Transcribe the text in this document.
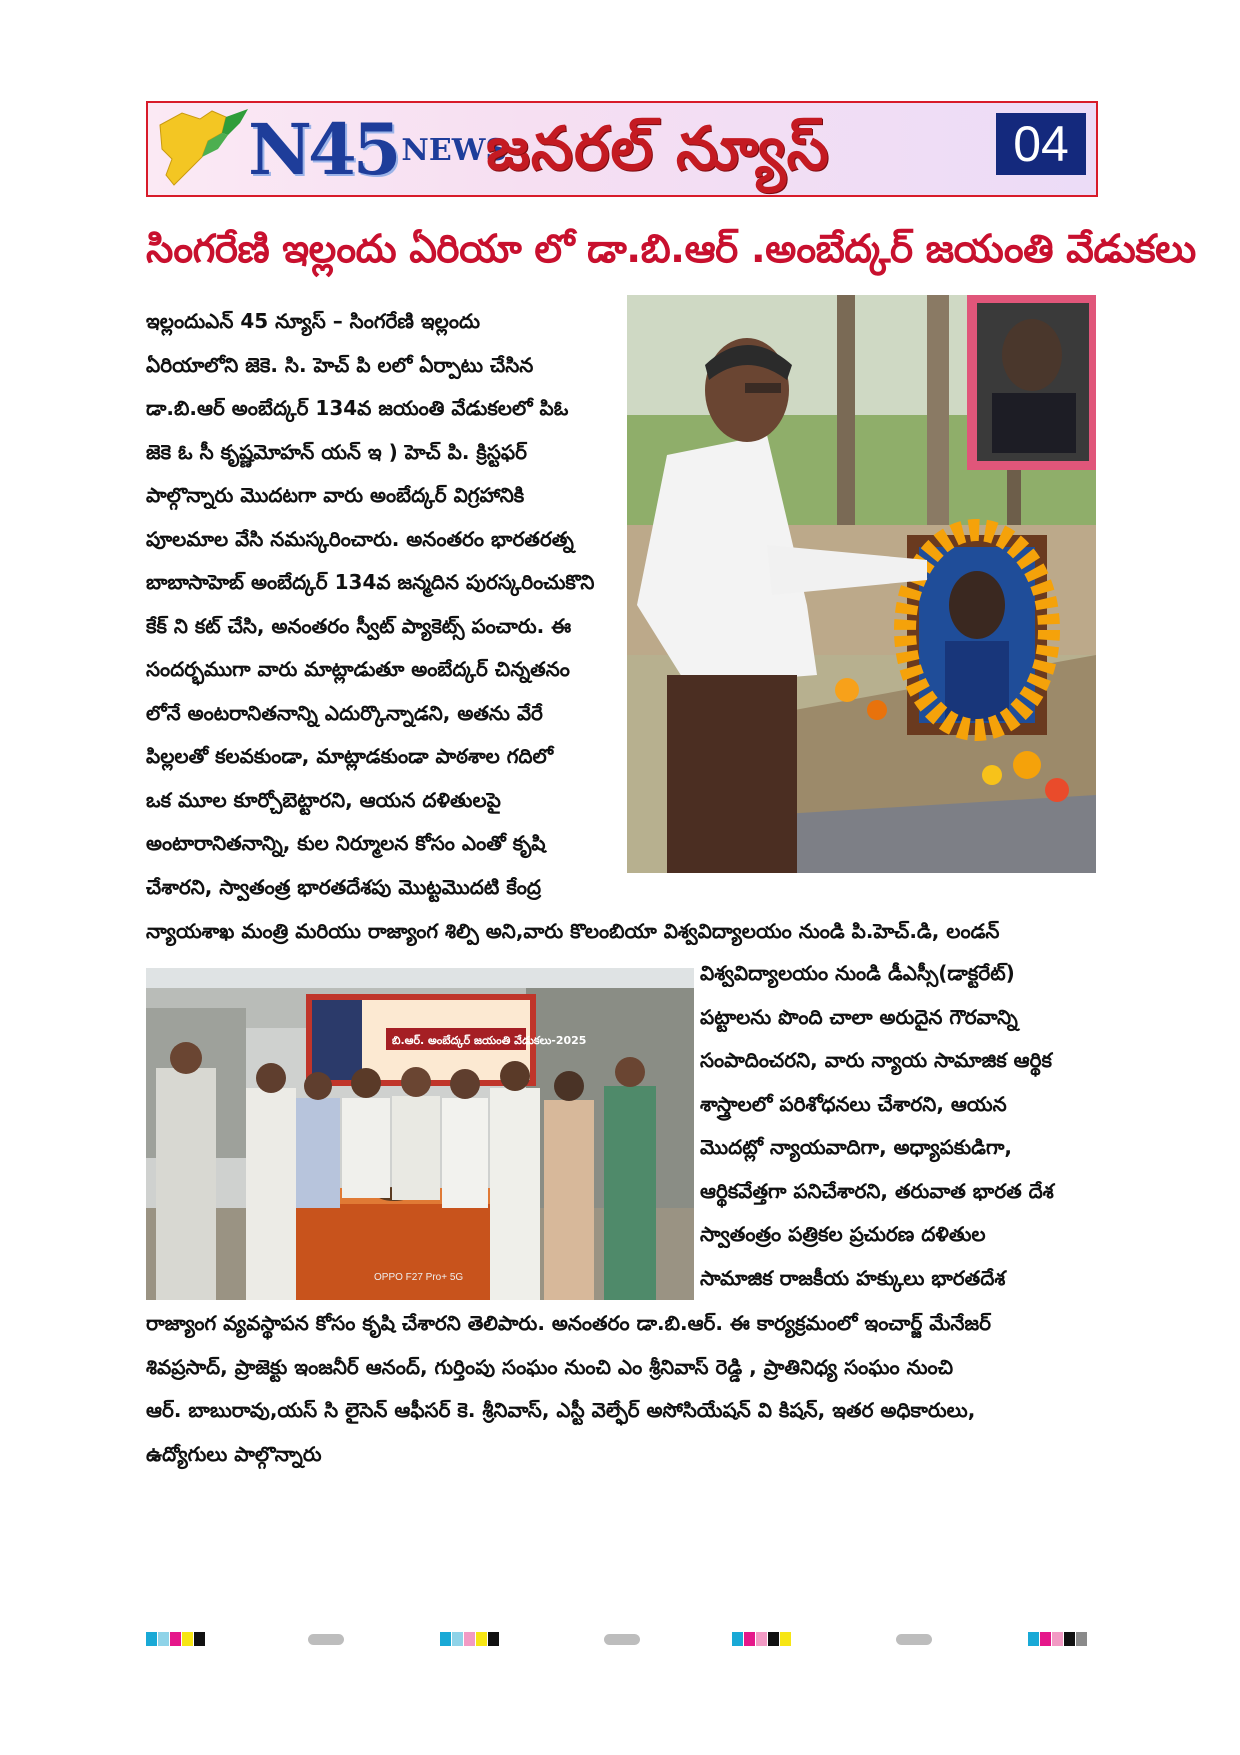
N45 NEWS
జనరల్ న్యూస్	04
సింగరేణి ఇల్లందు ఏరియా లో డా.బి.ఆర్ .అంబేద్కర్ జయంతి వేడుకలు
ఇల్లందుఎన్ 45 న్యూస్ – సింగరేణి ఇల్లందు
ఏరియాలోని జెకె. సి. హెచ్ పి లలో ఏర్పాటు చేసిన
డా.బి.ఆర్ అంబేద్కర్ 134వ జయంతి వేడుకలలో పిఓ
జెకె ఓ సీ కృష్ణమోహన్ యన్ ఇ ) హెచ్ పి. క్రిస్టఫర్
పాల్గొన్నారు మొదటగా వారు అంబేద్కర్ విగ్రహానికి
పూలమాల వేసి నమస్కరించారు. అనంతరం భారతరత్న
బాబాసాహెబ్ అంబేద్కర్ 134వ జన్మదిన పురస్కరించుకొని
కేక్ ని కట్ చేసి, అనంతరం స్వీట్ ప్యాకెట్స్ పంచారు. ఈ
సందర్భముగా వారు మాట్లాడుతూ అంబేద్కర్ చిన్నతనం
లోనే అంటరానితనాన్ని ఎదుర్కొన్నాడని, అతను వేరే
పిల్లలతో కలవకుండా, మాట్లాడకుండా పాఠశాల గదిలో
ఒక మూల కూర్చోబెట్టారని, ఆయన దళితులపై
అంటారానితనాన్ని, కుల నిర్మూలన కోసం ఎంతో కృషి
చేశారని, స్వాతంత్ర భారతదేశపు మొట్టమొదటి కేంద్ర
న్యాయశాఖ మంత్రి మరియు రాజ్యాంగ శిల్పి అని,వారు కొలంబియా విశ్వవిద్యాలయం నుండి పి.హెచ్.డి, లండన్
బి.ఆర్. అంబేద్కర్ జయంతి వేడుకలు-2025
OPPO F27 Pro+ 5G
విశ్వవిద్యాలయం నుండి డీఎస్సీ(డాక్టరేట్)
పట్టాలను పొంది చాలా అరుదైన గౌరవాన్ని
సంపాదించరని, వారు న్యాయ సామాజిక ఆర్థిక
శాస్త్రాలలో పరిశోధనలు చేశారని, ఆయన
మొదట్లో న్యాయవాదిగా, అధ్యాపకుడిగా,
ఆర్థికవేత్తగా పనిచేశారని, తరువాత భారత దేశ
స్వాతంత్రం పత్రికల ప్రచురణ దళితుల
సామాజిక రాజకీయ హక్కులు భారతదేశ
రాజ్యాంగ వ్యవస్థాపన కోసం కృషి చేశారని తెలిపారు. అనంతరం డా.బి.ఆర్. ఈ కార్యక్రమంలో ఇంచార్జ్ మేనేజర్
శివప్రసాద్, ప్రాజెక్టు ఇంజనీర్ ఆనంద్, గుర్తింపు సంఘం నుంచి ఎం శ్రీనివాస్ రెడ్డి , ప్రాతినిధ్య సంఘం నుంచి
ఆర్. బాబురావు,యస్ సి లైసెన్ ఆఫీసర్ కె. శ్రీనివాస్, ఎస్టీ వెల్ఫేర్ అసోసియేషన్ వి కిషన్, ఇతర అధికారులు,
ఉద్యోగులు పాల్గొన్నారు
